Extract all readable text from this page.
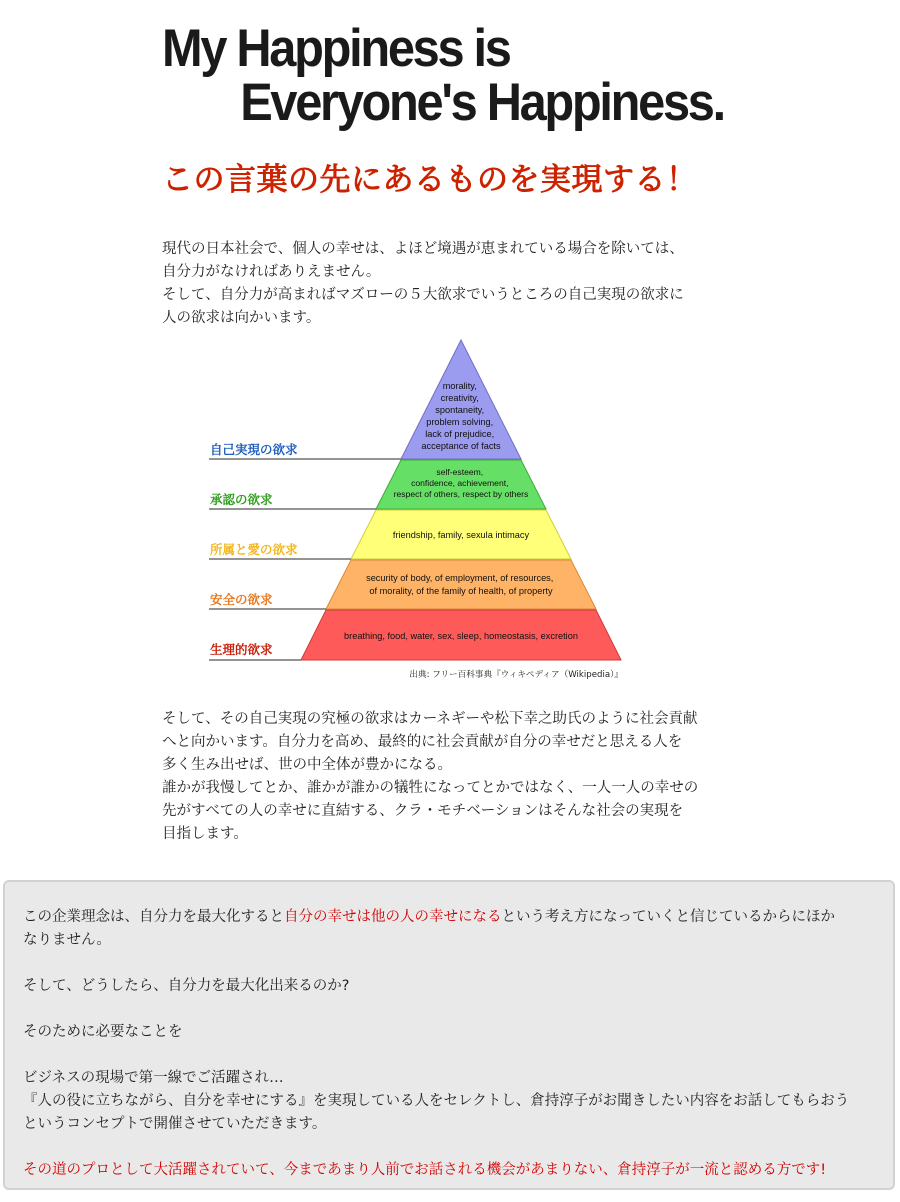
My Happiness is
Everyone's Happiness.
この言葉の先にあるものを実現する！
現代の日本社会で、個人の幸せは、よほど境遇が恵まれている場合を除いては、
自分力がなければありえません。
そして、自分力が高まればマズローの５大欲求でいうところの自己実現の欲求に
人の欲求は向かいます。
morality, creativity, spontaneity, problem solving, lack of prejudice, acceptance of facts
self-esteem, confidence, achievement, respect of others, respect by others
friendship, family, sexula intimacy
security of body, of employment, of resources, of morality, of the family of health, of property
breathing, food, water, sex, sleep, homeostasis, excretion
自己実現の欲求
承認の欲求
所属と愛の欲求
安全の欲求
生理的欲求
出典: フリー百科事典『ウィキペディア（Wikipedia）』
そして、その自己実現の究極の欲求はカーネギーや松下幸之助氏のように社会貢献
へと向かいます。自分力を高め、最終的に社会貢献が自分の幸せだと思える人を
多く生み出せば、世の中全体が豊かになる。
誰かが我慢してとか、誰かが誰かの犠牲になってとかではなく、一人一人の幸せの
先がすべての人の幸せに直結する、クラ・モチベーションはそんな社会の実現を
目指します。

この企業理念は、自分力を最大化すると自分の幸せは他の人の幸せになるという考え方になっていくと信じているからにほか
なりません。

そして、どうしたら、自分力を最大化出来るのか?

そのために必要なことを

ビジネスの現場で第一線でご活躍され…
『人の役に立ちながら、自分を幸せにする』を実現している人をセレクトし、倉持淳子がお聞きしたい内容をお話してもらおう
というコンセプトで開催させていただきます。

その道のプロとして大活躍されていて、今まであまり人前でお話される機会があまりない、倉持淳子が一流と認める方です!
